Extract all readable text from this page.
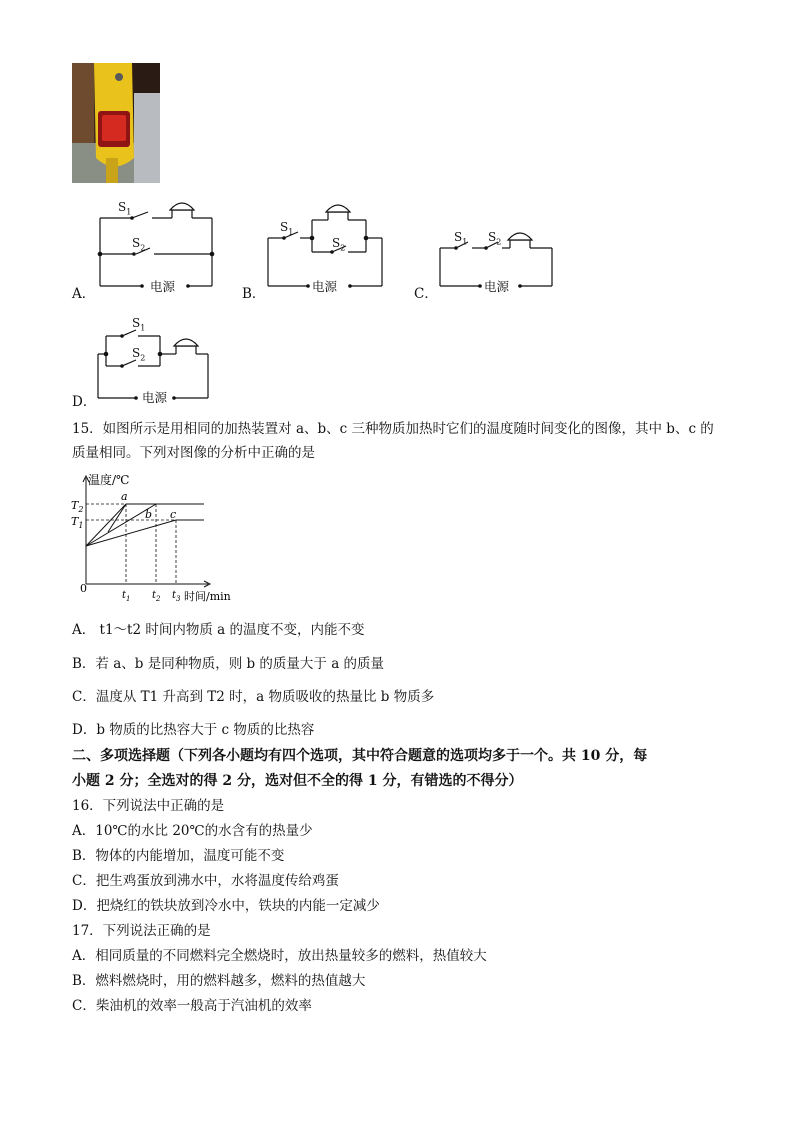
A．
$S_1$
$S_2$
电源	B．
$S_1$
$S_2$
电源	C．
$S_1$ $S_2$
电源
D．
$S_1$
$S_2$
电源
15．如图所示是用相同的加热装置对 a、b、c 三种物质加热时它们的温度随时间变化的图像，其中 b、c 的
质量相同。下列对图像的分析中正确的是
温度/℃
时间/min
0
$T_2$
$T_1$
$t_1$ $t_2$ $t_3$
a
b c
A． t1～t2 时间内物质 a 的温度不变，内能不变
B．若 a、b 是同种物质，则 b 的质量大于 a 的质量
C．温度从 T1 升高到 T2 时，a 物质吸收的热量比 b 物质多
D．b 物质的比热容大于 c 物质的比热容
二、多项选择题（下列各小题均有四个选项，其中符合题意的选项均多于一个。共 10 分，每
小题 2 分；全选对的得 2 分，选对但不全的得 1 分，有错选的不得分）
16．下列说法中正确的是
A．10℃的水比 20℃的水含有的热量少
B．物体的内能增加，温度可能不变
C．把生鸡蛋放到沸水中，水将温度传给鸡蛋
D．把烧红的铁块放到冷水中，铁块的内能一定减少
17．下列说法正确的是
A．相同质量的不同燃料完全燃烧时，放出热量较多的燃料，热值较大
B．燃料燃烧时，用的燃料越多，燃料的热值越大
C．柴油机的效率一般高于汽油机的效率
